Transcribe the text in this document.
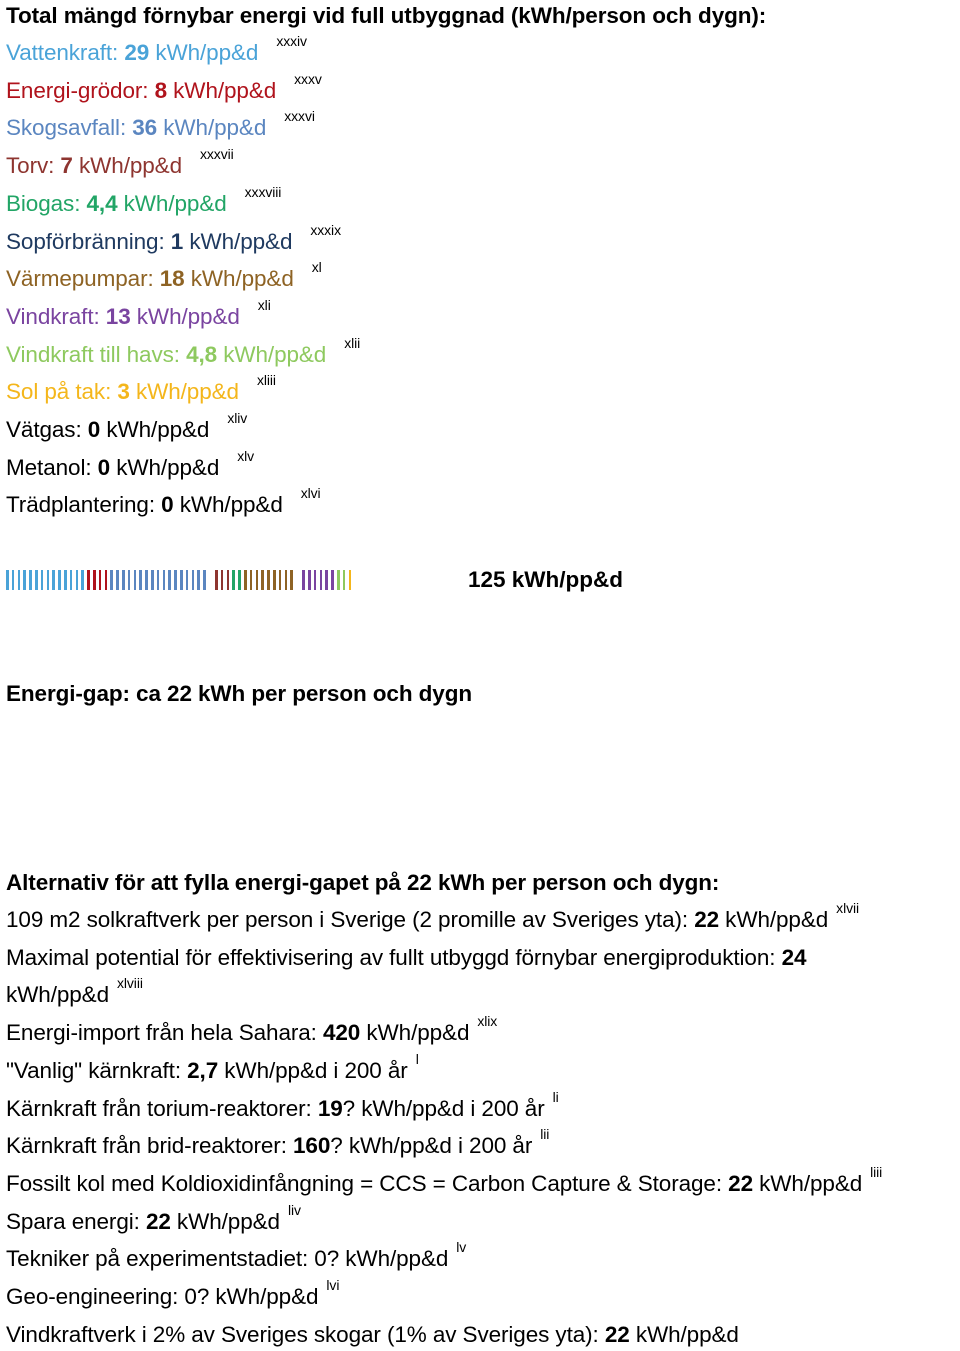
Total mängd förnybar energi vid full utbyggnad (kWh/person och dygn):
Vattenkraft: 29 kWh/pp&d $^{xxxiv}$
Energi-grödor: 8 kWh/pp&d $^{xxxv}$
Skogsavfall: 36 kWh/pp&d $^{xxxvi}$
Torv: 7 kWh/pp&d $^{xxxvii}$
Biogas: 4,4 kWh/pp&d $^{xxxviii}$
Sopförbränning: 1 kWh/pp&d $^{xxxix}$
Värmepumpar: 18 kWh/pp&d $^{xl}$
Vindkraft: 13 kWh/pp&d $^{xli}$
Vindkraft till havs: 4,8 kWh/pp&d $^{xlii}$
Sol på tak: 3 kWh/pp&d $^{xliii}$
Vätgas: 0 kWh/pp&d $^{xliv}$
Metanol: 0 kWh/pp&d $^{xlv}$
Trädplantering: 0 kWh/pp&d $^{xlvi}$
125 kWh/pp&d
Energi-gap: ca 22 kWh per person och dygn
Alternativ för att fylla energi-gapet på 22 kWh per person och dygn:
109 m2 solkraftverk per person i Sverige (2 promille av Sveriges yta): 22 kWh/pp&d $^{xlvii}$
Maximal potential för effektivisering av fullt utbyggd förnybar energiproduktion: 24
kWh/pp&d $^{xlviii}$
Energi-import från hela Sahara: 420 kWh/pp&d $^{xlix}$
"Vanlig" kärnkraft: 2,7 kWh/pp&d i 200 år $^l$
Kärnkraft från torium-reaktorer: 19? kWh/pp&d i 200 år $^{li}$
Kärnkraft från brid-reaktorer: 160? kWh/pp&d i 200 år $^{lii}$
Fossilt kol med Koldioxidinfångning = CCS = Carbon Capture & Storage: 22 kWh/pp&d $^{liii}$
Spara energi: 22 kWh/pp&d $^{liv}$
Tekniker på experimentstadiet: 0? kWh/pp&d $^{lv}$
Geo-engineering: 0? kWh/pp&d $^{lvi}$
Vindkraftverk i 2% av Sveriges skogar (1% av Sveriges yta): 22 kWh/pp&d
